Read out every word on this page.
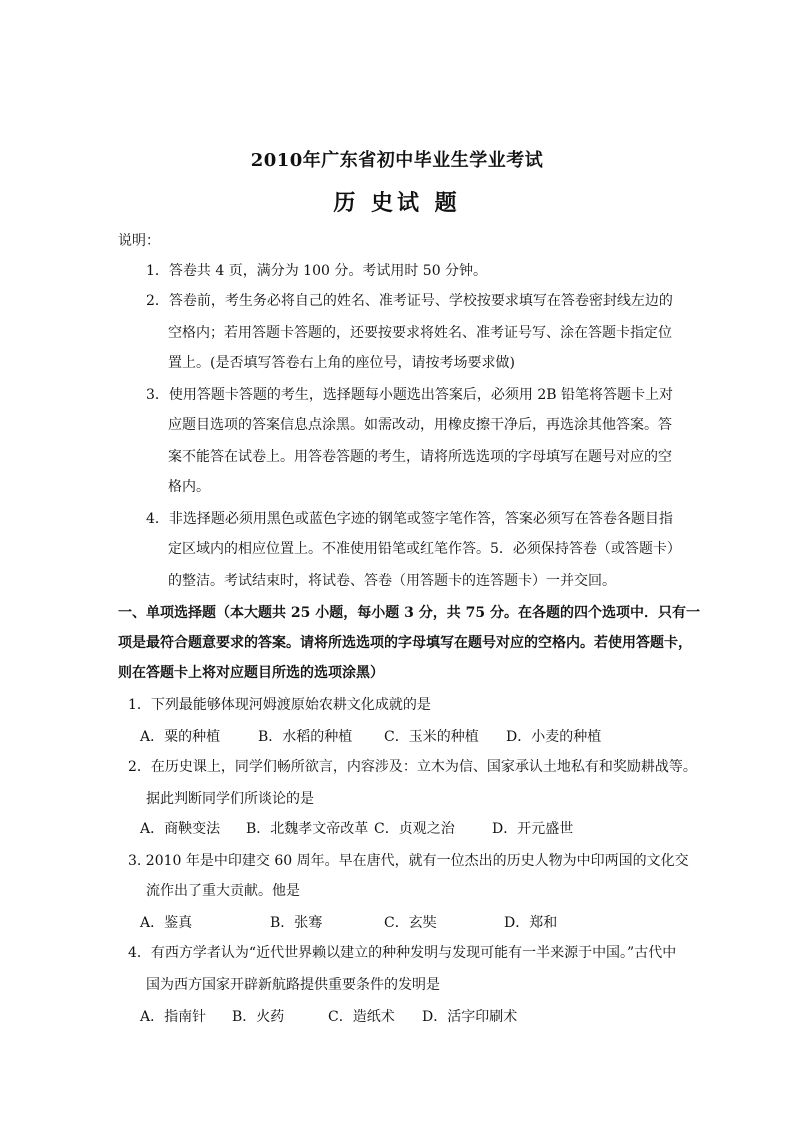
2010年广东省初中毕业生学业考试
历 史试 题
说明：
1．答卷共 4 页，满分为 100 分。考试用时 50 分钟。
2．答卷前，考生务必将自己的姓名、准考证号、学校按要求填写在答卷密封线左边的
空格内；若用答题卡答题的，还要按要求将姓名、准考证号写、涂在答题卡指定位
置上。(是否填写答卷右上角的座位号，请按考场要求做)
3．使用答题卡答题的考生，选择题每小题选出答案后，必须用 2B 铅笔将答题卡上对
应题目选项的答案信息点涂黑。如需改动，用橡皮擦干净后，再选涂其他答案。答
案不能答在试卷上。用答卷答题的考生，请将所选选项的字母填写在题号对应的空
格内。
4．非选择题必须用黑色或蓝色字迹的钢笔或签字笔作答，答案必须写在答卷各题目指
定区域内的相应位置上。不准使用铅笔或红笔作答。5．必须保持答卷（或答题卡）
的整洁。考试结束时，将试卷、答卷（用答题卡的连答题卡）一并交回。
一、单项选择题（本大题共 25 小题，每小题 3 分，共 75 分。在各题的四个选项中．只有一
项是最符合题意要求的答案。请将所选选项的字母填写在题号对应的空格内。若使用答题卡，
则在答题卡上将对应题目所选的选项涂黑）
1．下列最能够体现河姆渡原始农耕文化成就的是
A．粟的种植	B．水稻的种植 C．玉米的种植 D．小麦的种植
2．在历史课上，同学们畅所欲言，内容涉及：立木为信、国家承认土地私有和奖励耕战等。
据此判断同学们所谈论的是
A．商鞅变法 B．北魏孝文帝改革 C．贞观之治	D．开元盛世
3. 2010 年是中印建交 60 周年。早在唐代，就有一位杰出的历史人物为中印两国的文化交
流作出了重大贡献。他是
A．鉴真	B．张骞	C．玄奘	D．郑和
4．有西方学者认为“近代世界赖以建立的种种发明与发现可能有一半来源于中国。”古代中
国为西方国家开辟新航路提供重要条件的发明是
A．指南针 B．火药	C．造纸术 D．活字印刷术
